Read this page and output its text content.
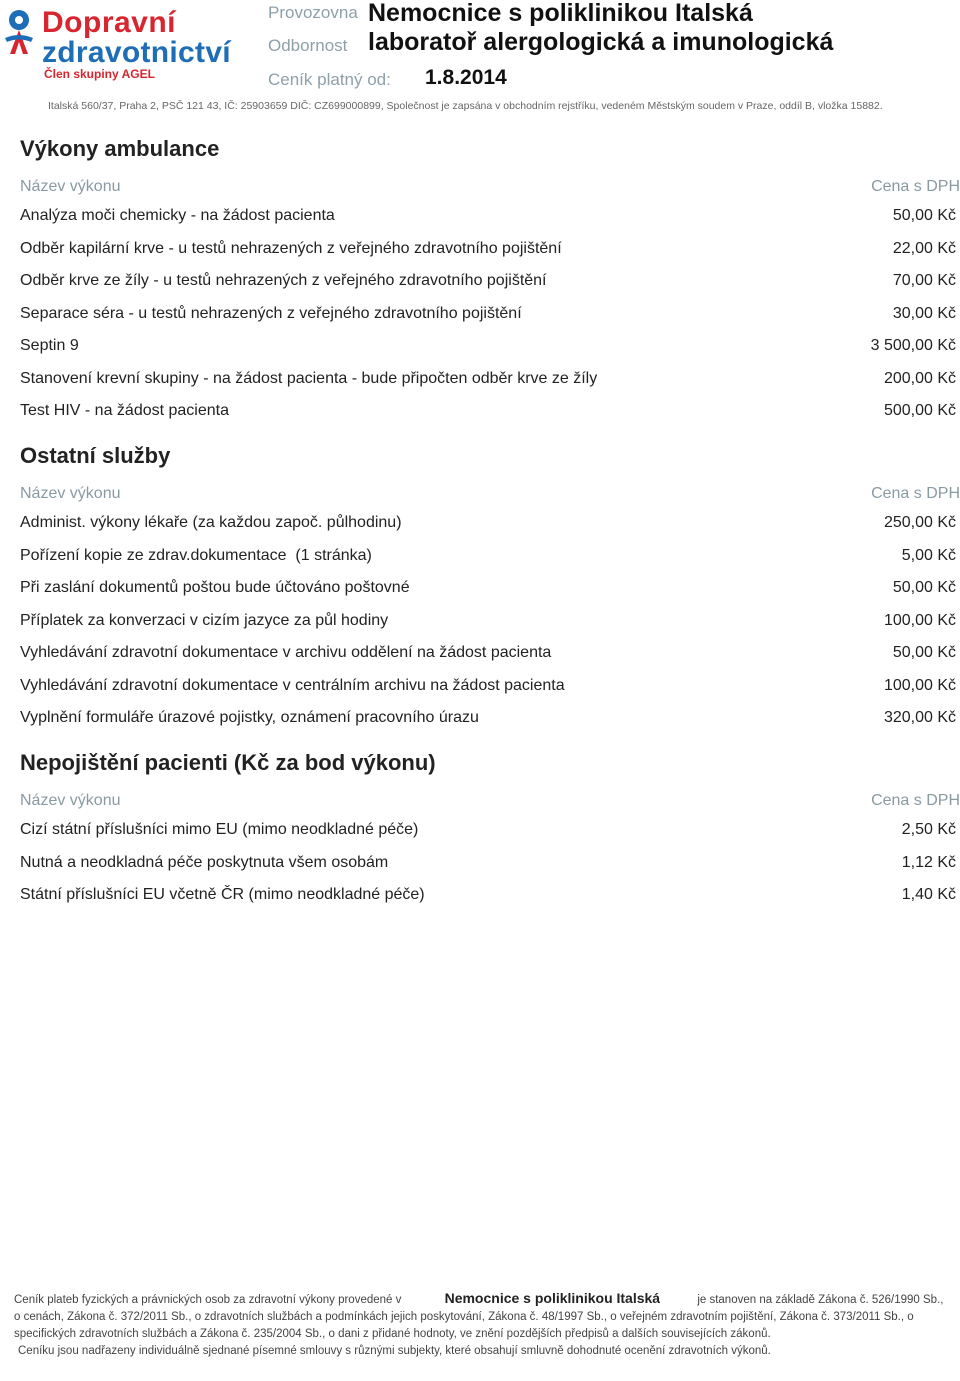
Dopravní
zdravotnictví
Člen skupiny AGEL
Provozovna Nemocnice s poliklinikou Italská
Odbornost laboratoř alergologická a imunologická
Ceník platný od: 1.8.2014
Italská 560/37, Praha 2, PSČ 121 43, IČ: 25903659 DIČ: CZ699000899, Společnost je zapsána v obchodním rejstříku, vedeném Městským soudem v Praze, oddíl B, vložka 15882.
Výkony ambulance
Název výkonu	Cena s DPH
Analýza moči chemicky - na žádost pacienta	50,00 Kč
Odběr kapilární krve - u testů nehrazených z veřejného zdravotního pojištění	22,00 Kč
Odběr krve ze žíly - u testů nehrazených z veřejného zdravotního pojištění	70,00 Kč
Separace séra - u testů nehrazených z veřejného zdravotního pojištění	30,00 Kč
Septin 9	3 500,00 Kč
Stanovení krevní skupiny - na žádost pacienta - bude připočten odběr krve ze žíly	200,00 Kč
Test HIV - na žádost pacienta	500,00 Kč
Ostatní služby
Název výkonu	Cena s DPH
Administ. výkony lékaře (za každou započ. půlhodinu)	250,00 Kč
Pořízení kopie ze zdrav.dokumentace  (1 stránka)	5,00 Kč
Při zaslání dokumentů poštou bude účtováno poštovné	50,00 Kč
Příplatek za konverzaci v cizím jazyce za půl hodiny	100,00 Kč
Vyhledávání zdravotní dokumentace v archivu oddělení na žádost pacienta	50,00 Kč
Vyhledávání zdravotní dokumentace v centrálním archivu na žádost pacienta	100,00 Kč
Vyplnění formuláře úrazové pojistky, oznámení pracovního úrazu	320,00 Kč
Nepojištění pacienti (Kč za bod výkonu)
Název výkonu	Cena s DPH
Cizí státní příslušníci mimo EU (mimo neodkladné péče)	2,50 Kč
Nutná a neodkladná péče poskytnuta všem osobám	1,12 Kč
Státní příslušníci EU včetně ČR (mimo neodkladné péče)	1,40 Kč
Ceník plateb fyzických a právnických osob za zdravotní výkony provedené v	Nemocnice s poliklinikou Italská	je stanoven na základě Zákona č. 526/1990 Sb., o cenách, Zákona č. 372/2011 Sb., o zdravotních službách a podmínkách jejich poskytování, Zákona č. 48/1997 Sb., o veřejném zdravotním pojištění, Zákona č. 373/2011 Sb., o specifických zdravotních službách a Zákona č. 235/2004 Sb., o dani z přidané hodnoty, ve znění pozdějších předpisů a dalších souvisejících zákonů.
Ceníku jsou nadřazeny individuálně sjednané písemné smlouvy s různými subjekty, které obsahují smluvně dohodnuté ocenění zdravotních výkonů.
